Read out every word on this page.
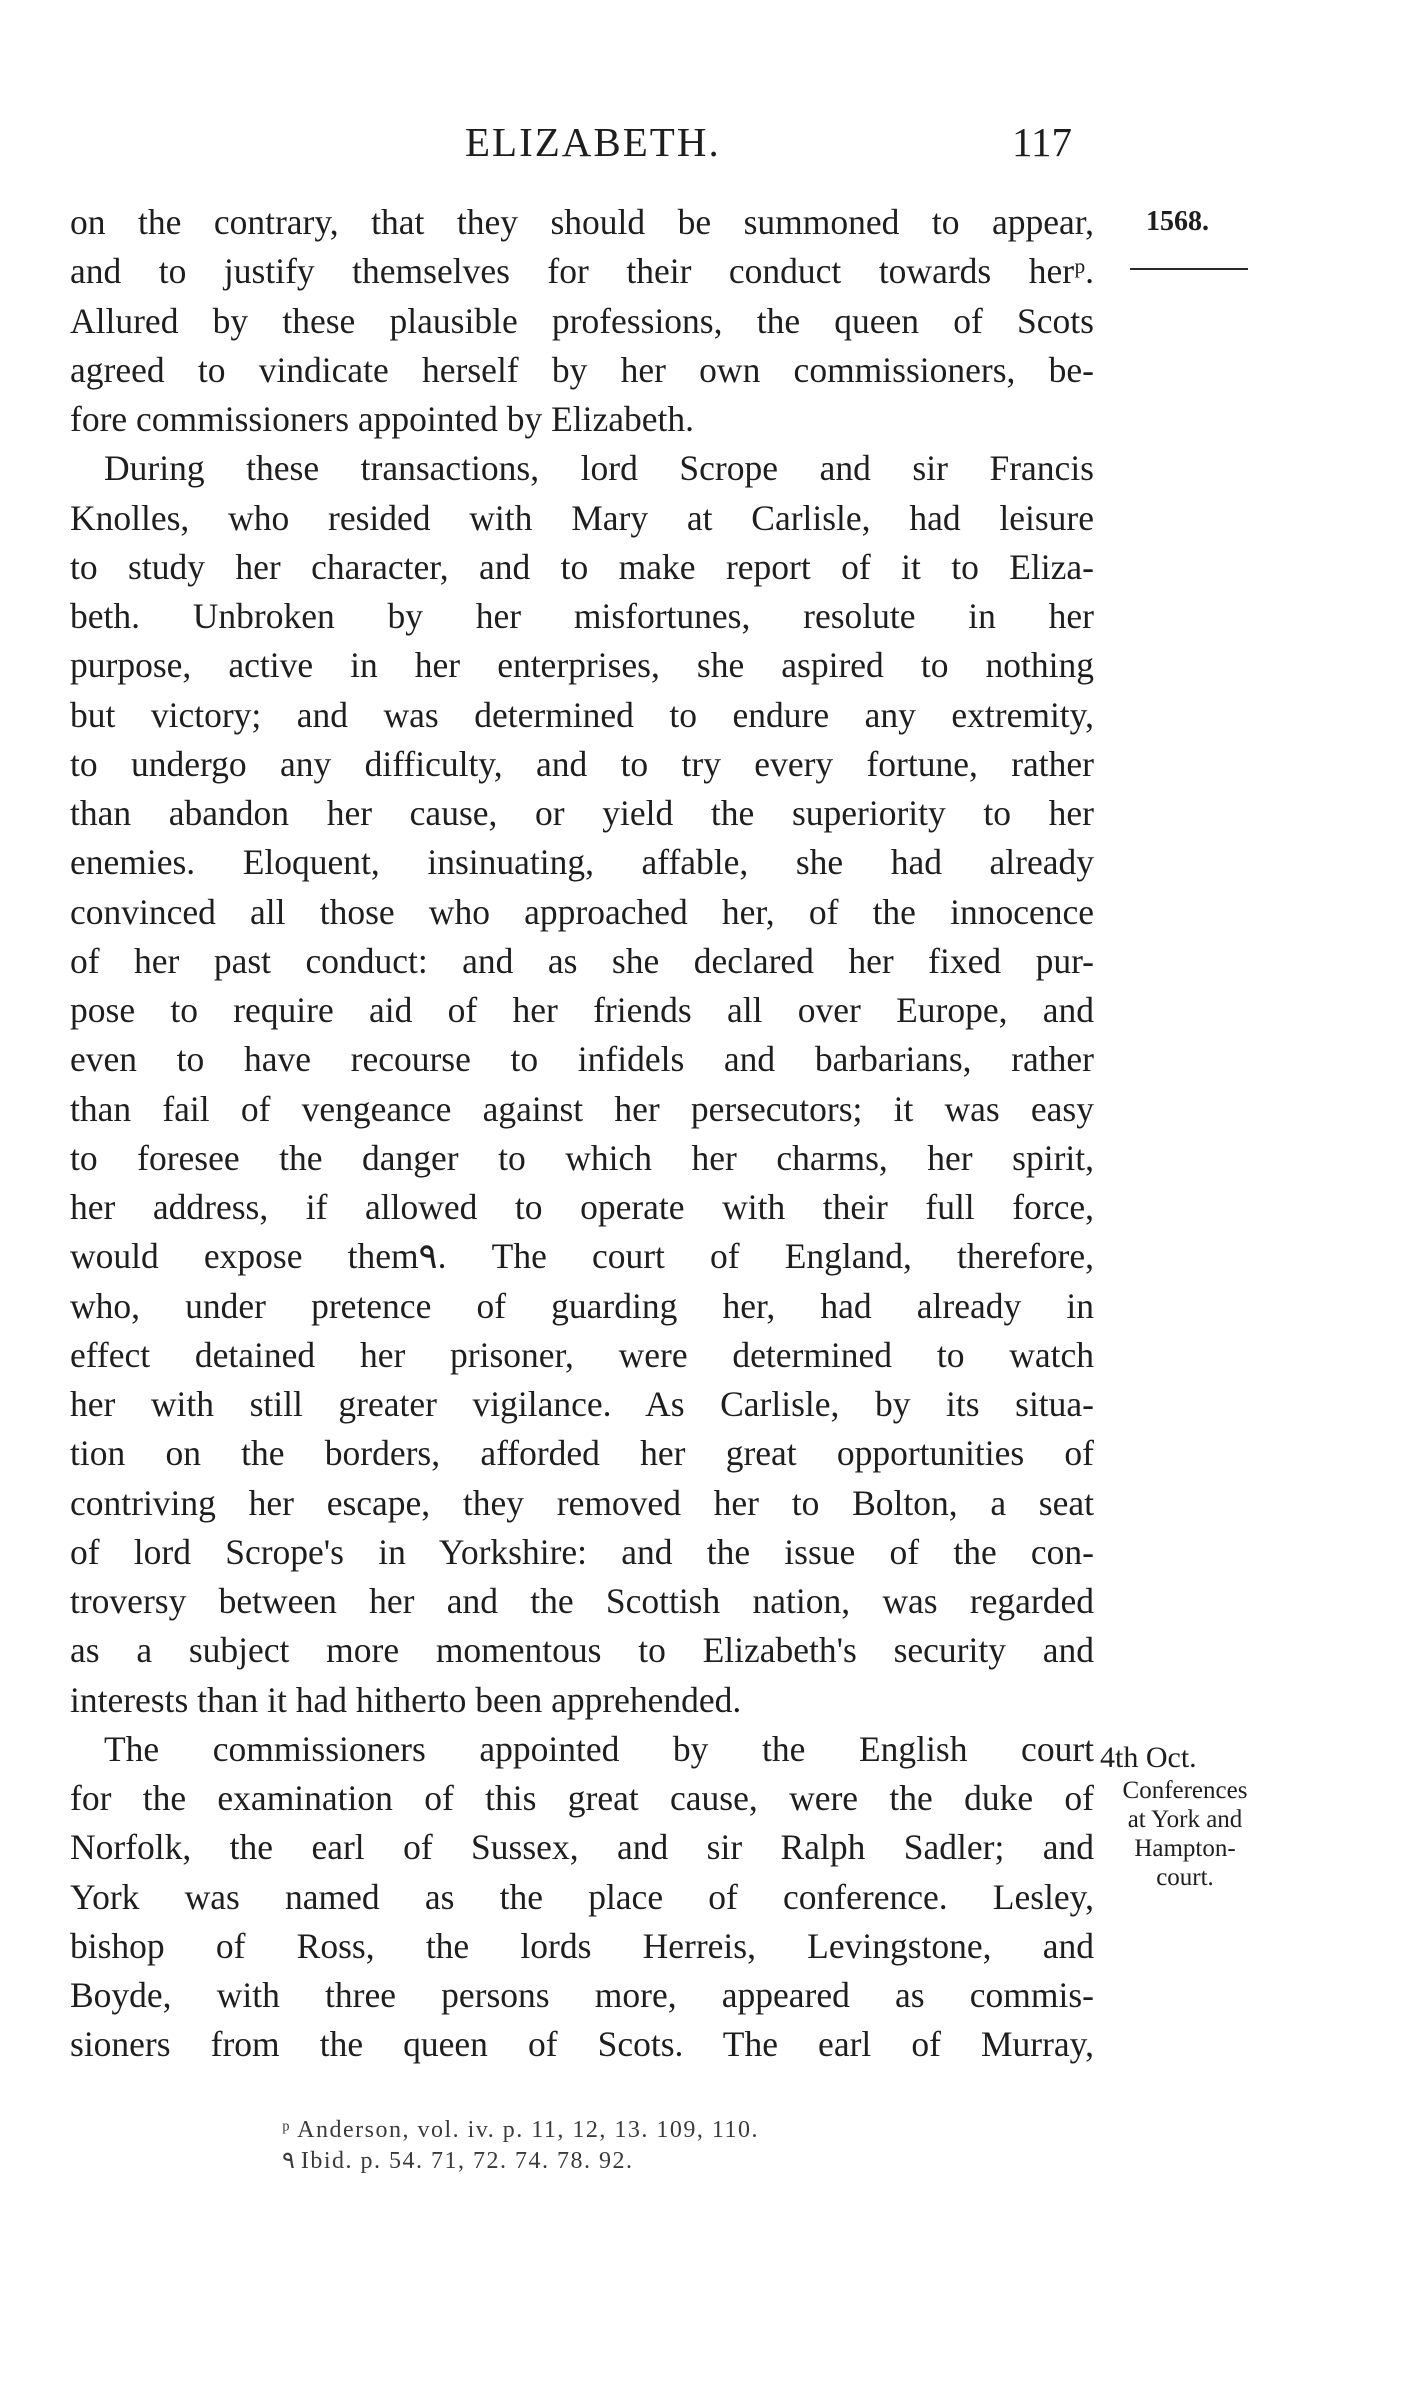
ELIZABETH.	117
1568.
on the contrary, that they should be summoned to appear,
and to justify themselves for their conduct towards herᵖ.
Allured by these plausible professions, the queen of Scots
agreed to vindicate herself by her own commissioners, be-
fore commissioners appointed by Elizabeth.
During these transactions, lord Scrope and sir Francis
Knolles, who resided with Mary at Carlisle, had leisure
to study her character, and to make report of it to Eliza-
beth. Unbroken by her misfortunes, resolute in her
purpose, active in her enterprises, she aspired to nothing
but victory; and was determined to endure any extremity,
to undergo any difficulty, and to try every fortune, rather
than abandon her cause, or yield the superiority to her
enemies. Eloquent, insinuating, affable, she had already
convinced all those who approached her, of the innocence
of her past conduct: and as she declared her fixed pur-
pose to require aid of her friends all over Europe, and
even to have recourse to infidels and barbarians, rather
than fail of vengeance against her persecutors; it was easy
to foresee the danger to which her charms, her spirit,
her address, if allowed to operate with their full force,
would expose them۹. The court of England, therefore,
who, under pretence of guarding her, had already in
effect detained her prisoner, were determined to watch
her with still greater vigilance. As Carlisle, by its situa-
tion on the borders, afforded her great opportunities of
contriving her escape, they removed her to Bolton, a seat
of lord Scrope's in Yorkshire: and the issue of the con-
troversy between her and the Scottish nation, was regarded
as a subject more momentous to Elizabeth's security and
interests than it had hitherto been apprehended.
The commissioners appointed by the English court
for the examination of this great cause, were the duke of
Norfolk, the earl of Sussex, and sir Ralph Sadler; and
York was named as the place of conference. Lesley,
bishop of Ross, the lords Herreis, Levingstone, and
Boyde, with three persons more, appeared as commis-
sioners from the queen of Scots. The earl of Murray,
4th Oct.
Conferences
at York and
Hampton-
court.
ᵖ Anderson, vol. iv. p. 11, 12, 13. 109, 110.
۹ Ibid. p. 54. 71, 72. 74. 78. 92.
